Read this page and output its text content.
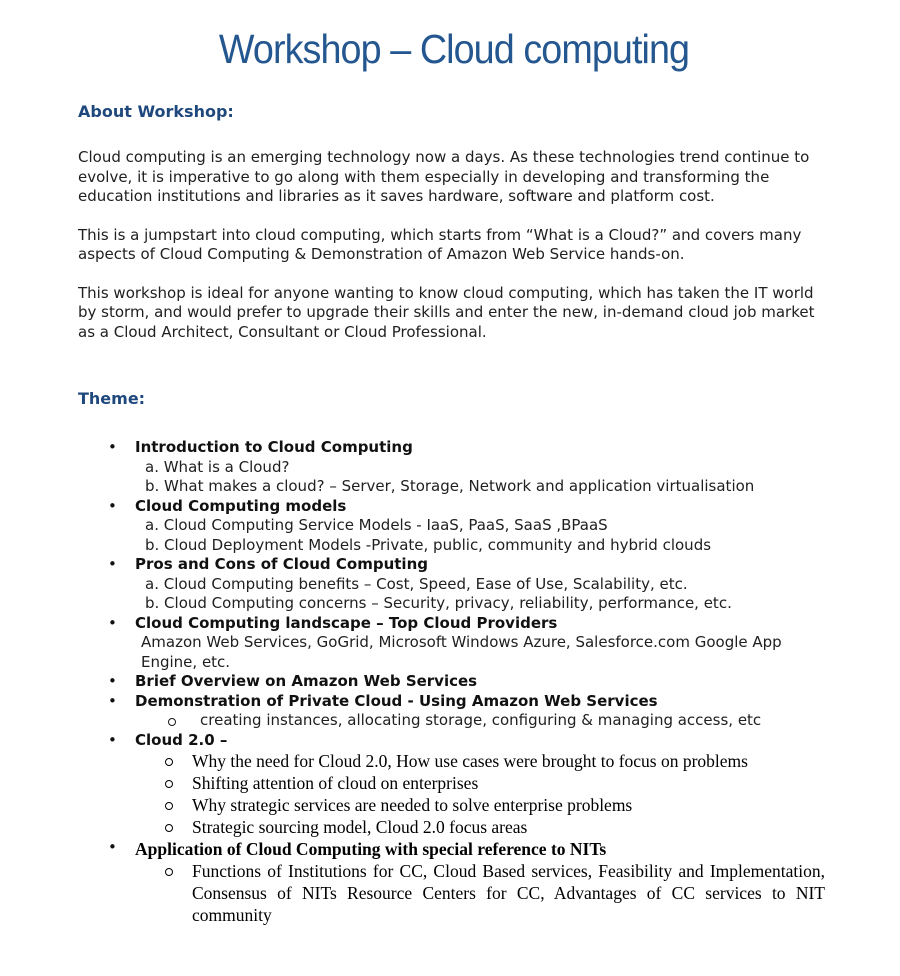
Workshop – Cloud computing
About Workshop:

Cloud computing is an emerging technology now a days. As these technologies trend continue to evolve, it is imperative to go along with them especially in developing and transforming the education institutions and libraries as it saves hardware, software and platform cost.

This is a jumpstart into cloud computing, which starts from “What is a Cloud?” and covers many aspects of Cloud Computing & Demonstration of Amazon Web Service hands-on.

This workshop is ideal for anyone wanting to know cloud computing, which has taken the IT world by storm, and would prefer to upgrade their skills and enter the new, in-demand cloud job market as a Cloud Architect, Consultant or Cloud Professional.

Theme:
•	Introduction to Cloud Computing
a. What is a Cloud?
b. What makes a cloud? – Server, Storage, Network and application virtualisation
•	Cloud Computing models
a. Cloud Computing Service Models - IaaS, PaaS, SaaS ,BPaaS
b. Cloud Deployment Models -Private, public, community and hybrid clouds
•	Pros and Cons of Cloud Computing
a. Cloud Computing benefits – Cost, Speed, Ease of Use, Scalability, etc.
b. Cloud Computing concerns – Security, privacy, reliability, performance, etc.
•	Cloud Computing landscape – Top Cloud Providers
Amazon Web Services, GoGrid, Microsoft Windows Azure, Salesforce.com Google App Engine, etc.
•	Brief Overview on Amazon Web Services
•	Demonstration of Private Cloud - Using Amazon Web Services
creating instances, allocating storage, configuring & managing access, etc
•	Cloud 2.0 –
Why the need for Cloud 2.0, How use cases were brought to focus on problems
Shifting attention of cloud on enterprises
Why strategic services are needed to solve enterprise problems
Strategic sourcing model, Cloud 2.0 focus areas
•	Application of Cloud Computing with special reference to NITs
Functions of Institutions for CC, Cloud Based services, Feasibility and Implementation, Consensus of NITs Resource Centers for CC, Advantages of CC services to NIT community
